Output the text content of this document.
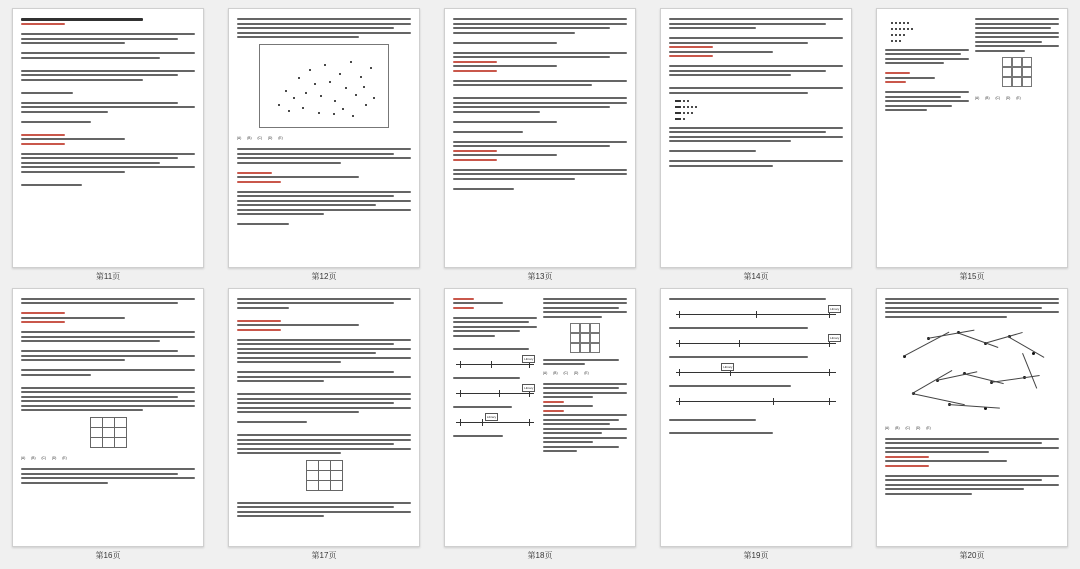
第11页
(A) (B) (C) (D) (E)
第12页	第13页	第14页
(A) (B) (C) (D) (E)
第15页

(A) (B) (C) (D) (E)
第16页

			第17页
Library
Library
Library
(A) (B) (C) (D) (E)
第18页
Library
Library
Library
第19页
(A) (B) (C) (D) (E)
第20页
